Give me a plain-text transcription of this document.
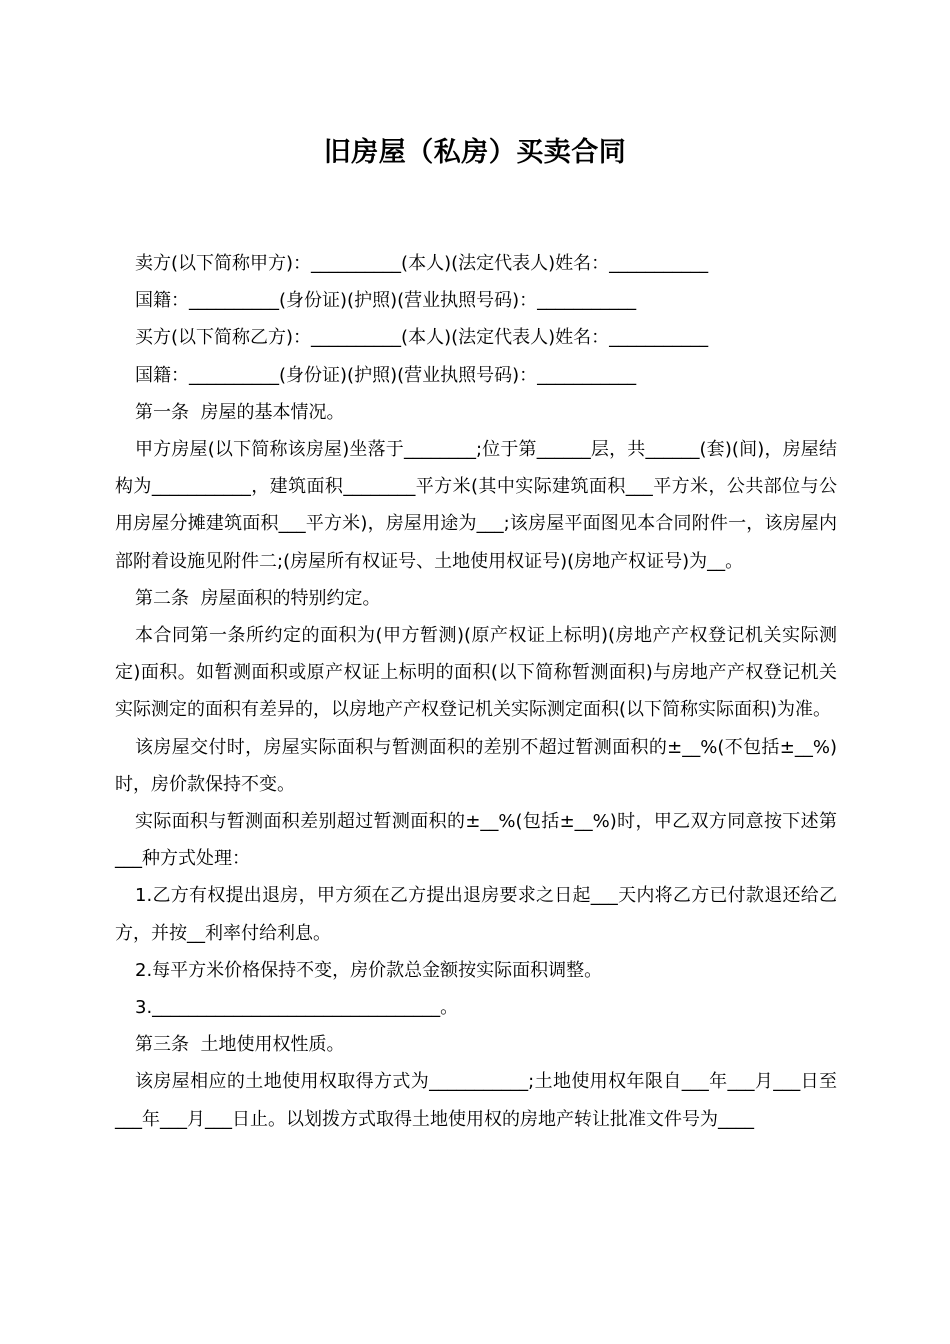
旧房屋（私房）买卖合同

卖方(以下简称甲方)：__________(本人)(法定代表人)姓名：___________

国籍：__________(身份证)(护照)(营业执照号码)：___________

买方(以下简称乙方)：__________(本人)(法定代表人)姓名：___________

国籍：__________(身份证)(护照)(营业执照号码)：___________

第一条  房屋的基本情况。

甲方房屋(以下简称该房屋)坐落于________;位于第______层，共______(套)(间)，房屋结构为___________，建筑面积________平方米(其中实际建筑面积___平方米，公共部位与公用房屋分摊建筑面积___平方米)，房屋用途为___;该房屋平面图见本合同附件一，该房屋内部附着设施见附件二;(房屋所有权证号、土地使用权证号)(房地产权证号)为__。

第二条  房屋面积的特别约定。

本合同第一条所约定的面积为(甲方暂测)(原产权证上标明)(房地产产权登记机关实际测定)面积。如暂测面积或原产权证上标明的面积(以下简称暂测面积)与房地产产权登记机关实际测定的面积有差异的，以房地产产权登记机关实际测定面积(以下简称实际面积)为准。

该房屋交付时，房屋实际面积与暂测面积的差别不超过暂测面积的±__%(不包括±__%)时，房价款保持不变。

实际面积与暂测面积差别超过暂测面积的±__%(包括±__%)时，甲乙双方同意按下述第___种方式处理：

1.乙方有权提出退房，甲方须在乙方提出退房要求之日起___天内将乙方已付款退还给乙方，并按__利率付给利息。

2.每平方米价格保持不变，房价款总金额按实际面积调整。

3.________________________________。

第三条  土地使用权性质。

该房屋相应的土地使用权取得方式为___________;土地使用权年限自___年___月___日至___年___月___日止。以划拨方式取得土地使用权的房地产转让批准文件号为____
